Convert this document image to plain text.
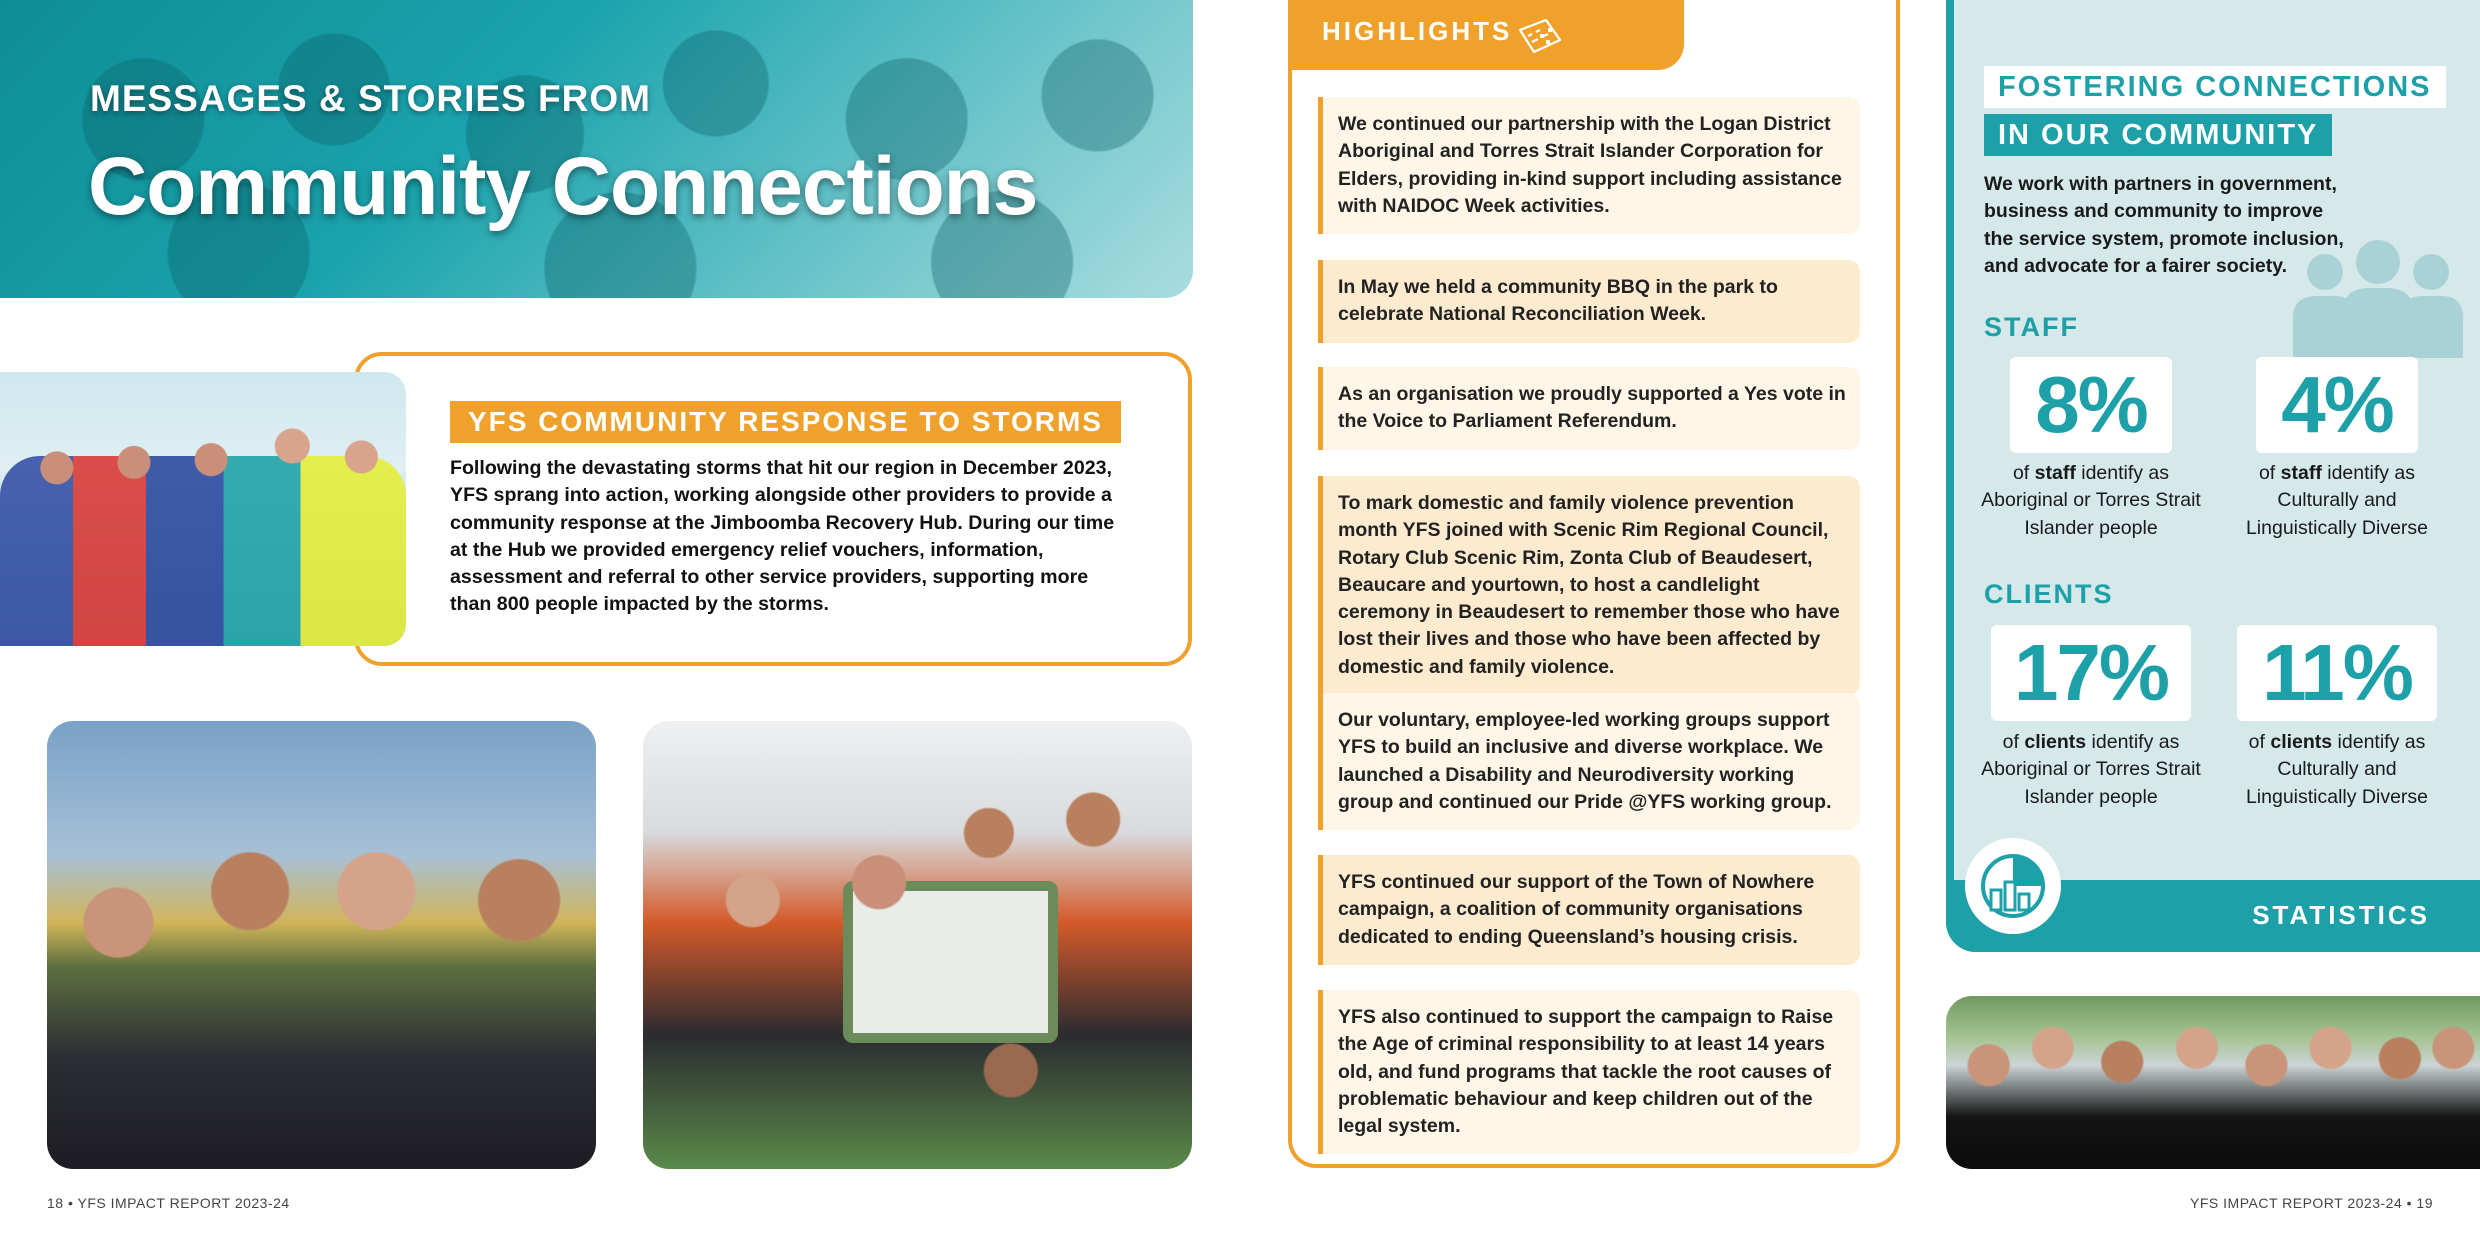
MESSAGES & STORIES FROM
Community Connections
YFS COMMUNITY RESPONSE TO STORMS
Following the devastating storms that hit our region in December 2023, YFS sprang into action, working alongside other providers to provide a community response at the Jimboomba Recovery Hub. During our time at the Hub we provided emergency relief vouchers, information, assessment and referral to other service providers, supporting more than 800 people impacted by the storms.
18 • YFS IMPACT REPORT 2023-24
HIGHLIGHTS
We continued our partnership with the Logan District Aboriginal and Torres Strait Islander Corporation for Elders, providing in-kind support including assistance with NAIDOC Week activities.
In May we held a community BBQ in the park to celebrate National Reconciliation Week.
As an organisation we proudly supported a Yes vote in the Voice to Parliament Referendum.
To mark domestic and family violence prevention month YFS joined with Scenic Rim Regional Council, Rotary Club Scenic Rim, Zonta Club of Beaudesert, Beaucare and yourtown, to host a candlelight ceremony in Beaudesert to remember those who have lost their lives and those who have been affected by domestic and family violence.
Our voluntary, employee-led working groups support YFS to build an inclusive and diverse workplace. We launched a Disability and Neurodiversity working group and continued our Pride @YFS working group.
YFS continued our support of the Town of Nowhere campaign, a coalition of community organisations dedicated to ending Queensland’s housing crisis.
YFS also continued to support the campaign to Raise the Age of criminal responsibility to at least 14 years old, and fund programs that tackle the root causes of problematic behaviour and keep children out of the legal system.
STATISTICS
FOSTERING CONNECTIONS
IN OUR COMMUNITY
We work with partners in government, business and community to improve the service system, promote inclusion, and advocate for a fairer society.
STAFF
8%	4%
of staff identify as Aboriginal or Torres Strait Islander people
of staff identify as Culturally and Linguistically Diverse
CLIENTS
17%	11%
of clients identify as Aboriginal or Torres Strait Islander people
of clients identify as Culturally and Linguistically Diverse
YFS IMPACT REPORT 2023-24 • 19
